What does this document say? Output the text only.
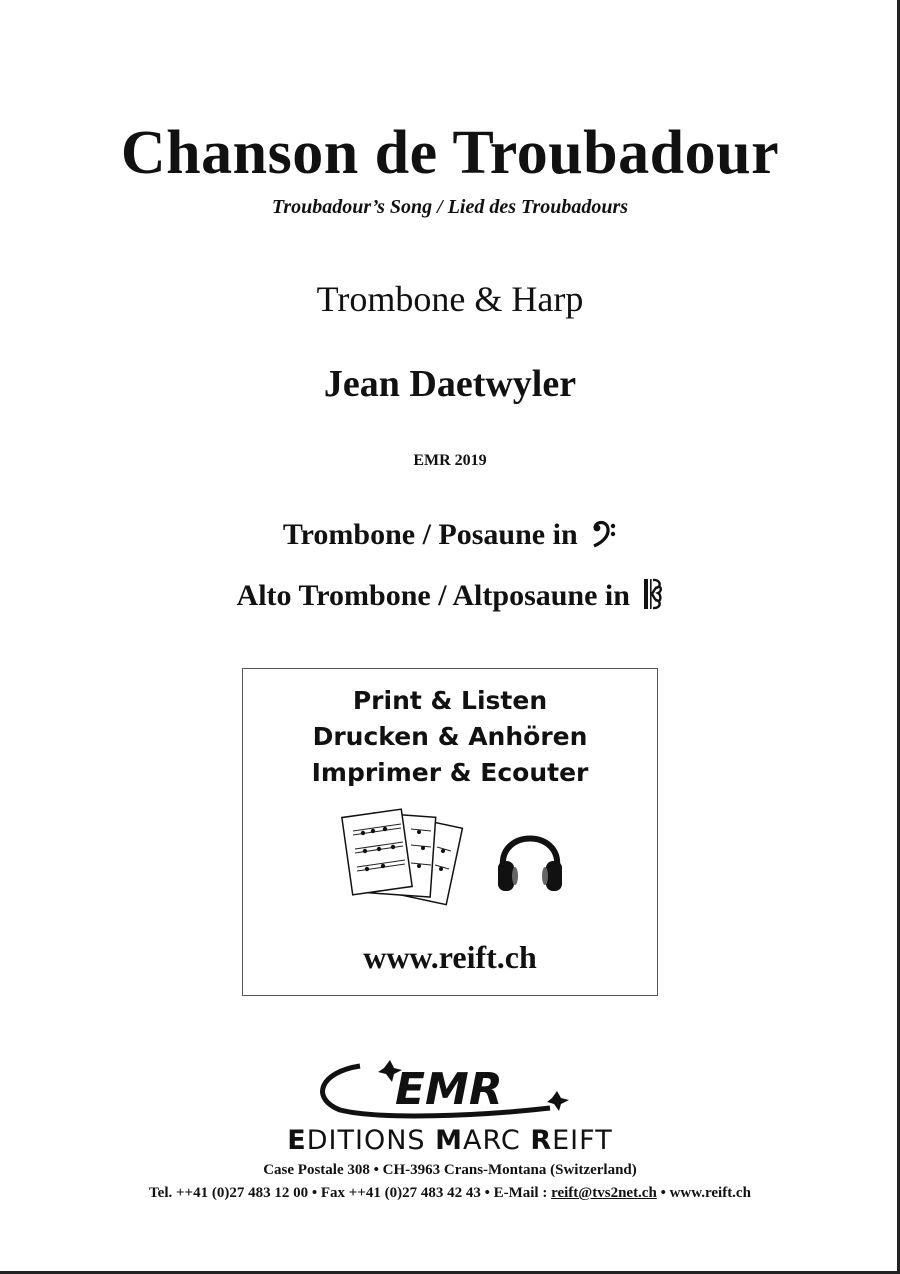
Chanson de Troubadour
Troubadour’s Song / Lied des Troubadours
Trombone & Harp
Jean Daetwyler
EMR 2019
Trombone / Posaune in
Alto Trombone / Altposaune in
Print & Listen
Drucken & Anhören
Imprimer & Ecouter
www.reift.ch
EMR
EDITIONS MARC REIFT
Case Postale 308 • CH-3963 Crans-Montana (Switzerland)
Tel. ++41 (0)27 483 12 00 • Fax ++41 (0)27 483 42 43 • E-Mail : reift@tvs2net.ch • www.reift.ch
